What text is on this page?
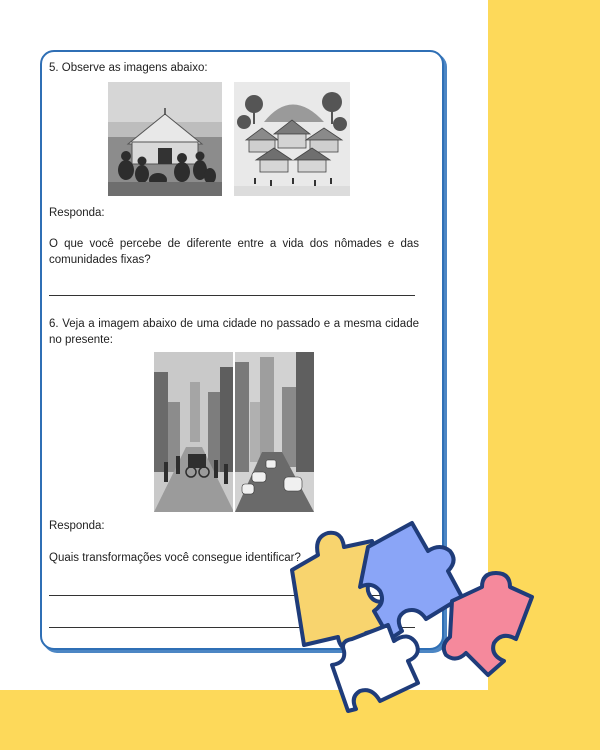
5. Observe as imagens abaixo:
Responda:
O que você percebe de diferente entre a vida dos nômades e das comunidades fixas?
6. Veja a imagem abaixo de uma cidade no passado e a mesma cidade no presente:
Responda:
Quais transformações você consegue identificar?
